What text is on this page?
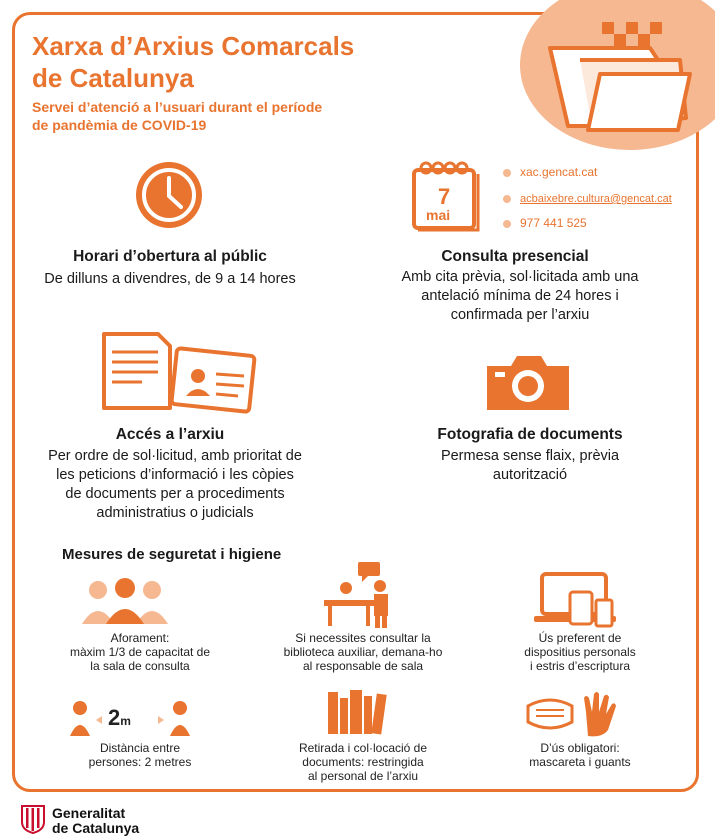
Xarxa d’Arxius Comarcals
de Catalunya
Servei d’atenció a l’usuari durant el període
de pandèmia de COVID-19
7
mai
xac.gencat.cat
acbaixebre.cultura@gencat.cat
977 441 525
Horari d’obertura al públic
De dilluns a divendres, de 9 a 14 hores
Consulta presencial
Amb cita prèvia, sol·licitada amb una
antelació mínima de 24 hores i
confirmada per l’arxiu
Accés a l’arxiu
Per ordre de sol·licitud, amb prioritat de
les peticions d’informació i les còpies
de documents per a procediments
administratius o judicials
Fotografia de documents
Permesa sense flaix, prèvia
autorització
Mesures de seguretat i higiene
Aforament:
màxim 1/3 de capacitat de
la sala de consulta
Si necessites consultar la
biblioteca auxiliar, demana-ho
al responsable de sala
Ús preferent de
dispositius personals
i estris d’escriptura
2m
Distància entre
persones: 2 metres
Retirada i col·locació de
documents: restringida
al personal de l’arxiu
D’ús obligatori:
mascareta i guants
Generalitat
de Catalunya
